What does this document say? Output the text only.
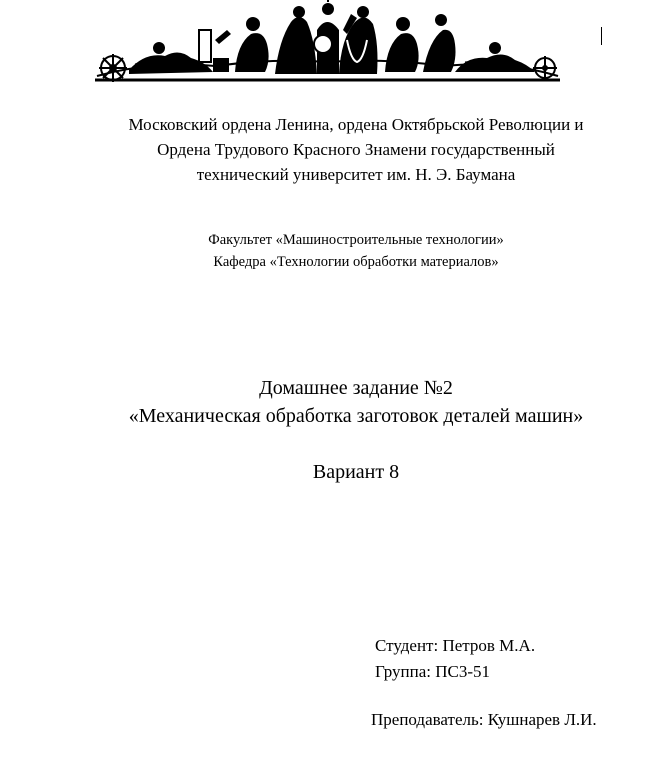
Московский ордена Ленина, ордена Октябрьской Революции и
Ордена Трудового Красного Знамени государственный
технический университет им. Н. Э. Баумана
Факультет «Машиностроительные технологии»
Кафедра «Технологии обработки материалов»
Домашнее задание №2
«Механическая обработка заготовок деталей машин»
Вариант 8
Студент: Петров М.А.
Группа: ПС3-51
Преподаватель: Кушнарев Л.И.
